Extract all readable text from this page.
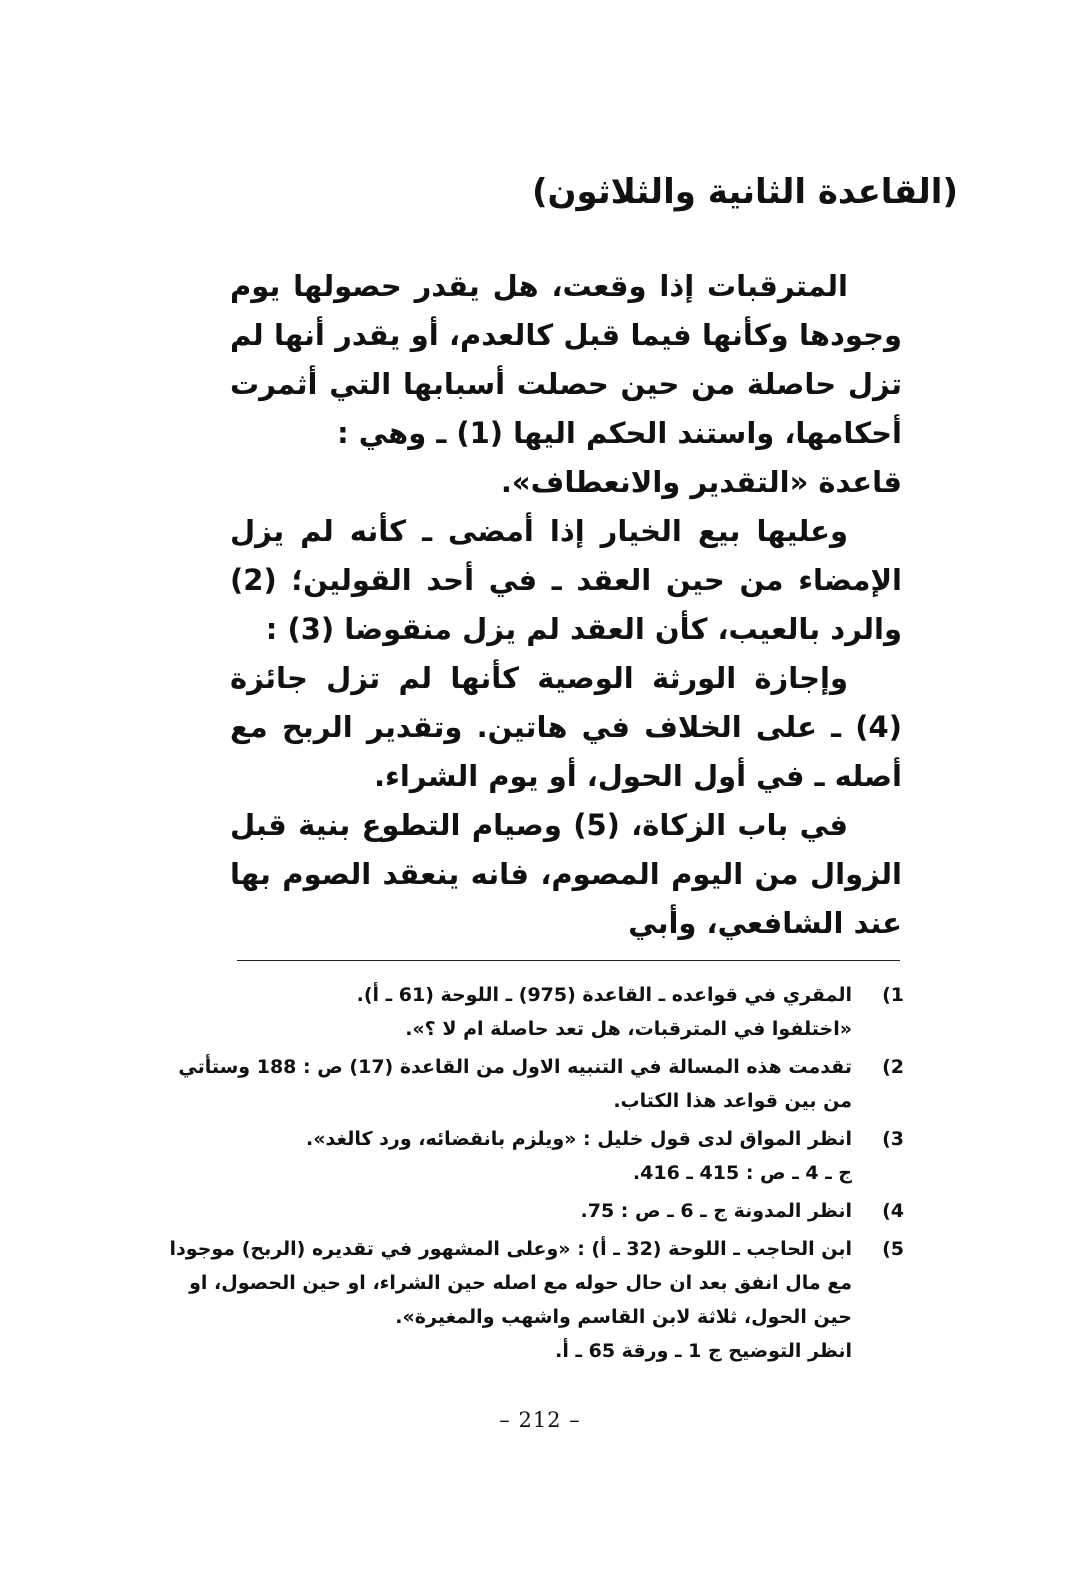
(القاعدة الثانية والثلاثون)

المترقبات إذا وقعت، هل يقدر حصولها يوم وجودها وكأنها فيما قبل كالعدم، أو يقدر أنها لم تزل حاصلة من حين حصلت أسبابها التي أثمرت أحكامها، واستند الحكم اليها (1) ـ وهي :

قاعدة «التقدير والانعطاف».

وعليها بيع الخيار إذا أمضى ـ كأنه لم يزل الإمضاء من حين العقد ـ في أحد القولين؛ (2) والرد بالعيب، كأن العقد لم يزل منقوضا (3) :

وإجازة الورثة الوصية كأنها لم تزل جائزة (4) ـ على الخلاف في هاتين. وتقدير الربح مع أصله ـ في أول الحول، أو يوم الشراء.

في باب الزكاة، (5) وصيام التطوع بنية قبل الزوال من اليوم المصوم، فانه ينعقد الصوم بها عند الشافعي، وأبي

1)
المقري في قواعده ـ القاعدة (975) ـ اللوحة (61 ـ أ).
«اختلفوا في المترقبات، هل تعد حاصلة ام لا ؟».
2)
تقدمت هذه المسالة في التنبيه الاول من القاعدة (17) ص : 188 وستأتي
من بين قواعد هذا الكتاب.
3)
انظر المواق لدى قول خليل : «ويلزم بانقضائه، ورد كالغد».
ج ـ 4 ـ ص : 415 ـ 416.
4)
انظر المدونة ج ـ 6 ـ ص : 75.
5)
ابن الحاجب ـ اللوحة (32 ـ أ) : «وعلى المشهور في تقديره (الربح) موجودا
مع مال انفق بعد ان حال حوله مع اصله حين الشراء، او حين الحصول، او
حين الحول، ثلاثة لابن القاسم واشهب والمغيرة».
انظر التوضيح ج 1 ـ ورقة 65 ـ أ.
– 212 –
